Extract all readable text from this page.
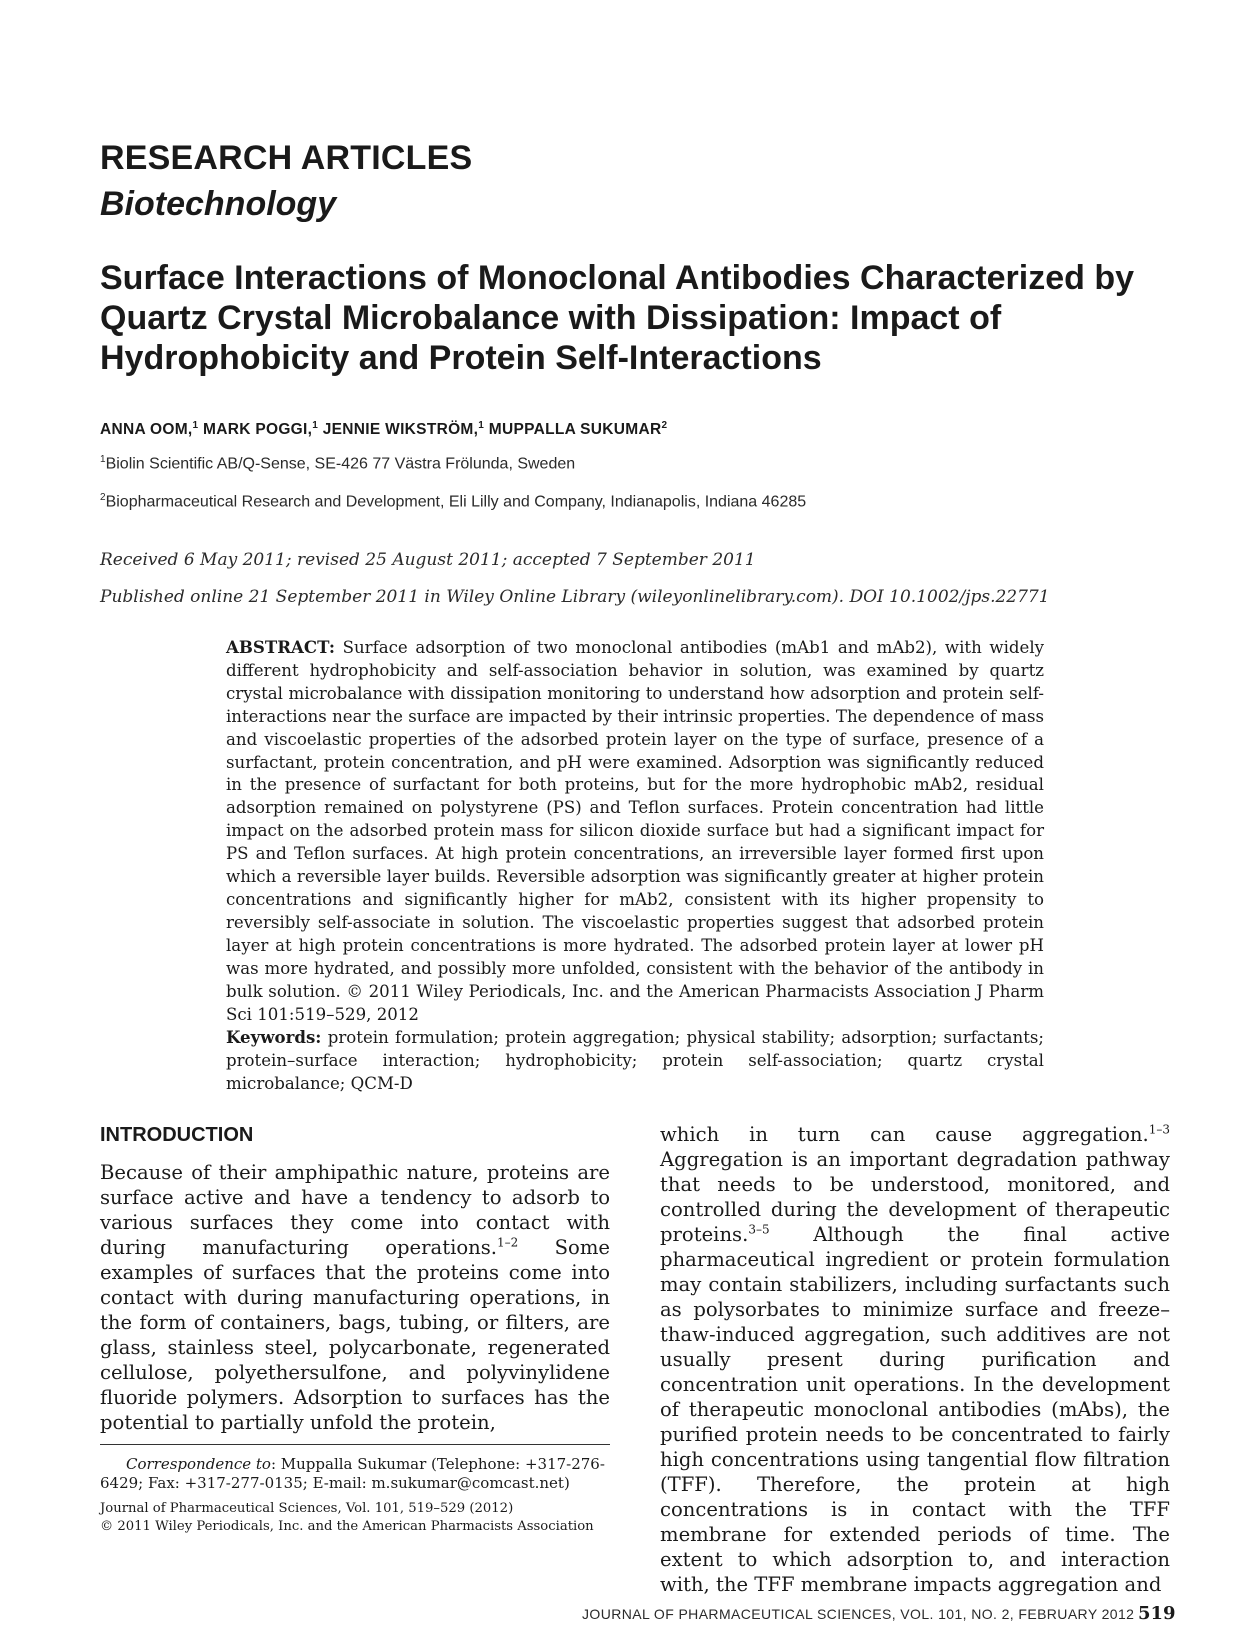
RESEARCH ARTICLES
Biotechnology
Surface Interactions of Monoclonal Antibodies Characterized by Quartz Crystal Microbalance with Dissipation: Impact of Hydrophobicity and Protein Self-Interactions
ANNA OOM,$^1$ MARK POGGI,$^1$ JENNIE WIKSTRÖM,$^1$ MUPPALLA SUKUMAR$^2$
$^1$Biolin Scientific AB/Q-Sense, SE-426 77 Västra Frölunda, Sweden
$^2$Biopharmaceutical Research and Development, Eli Lilly and Company, Indianapolis, Indiana 46285
Received 6 May 2011; revised 25 August 2011; accepted 7 September 2011
Published online 21 September 2011 in Wiley Online Library (wileyonlinelibrary.com). DOI 10.1002/jps.22771
ABSTRACT: Surface adsorption of two monoclonal antibodies (mAb1 and mAb2), with widely different hydrophobicity and self-association behavior in solution, was examined by quartz crystal microbalance with dissipation monitoring to understand how adsorption and protein self-interactions near the surface are impacted by their intrinsic properties. The dependence of mass and viscoelastic properties of the adsorbed protein layer on the type of surface, presence of a surfactant, protein concentration, and pH were examined. Adsorption was significantly reduced in the presence of surfactant for both proteins, but for the more hydrophobic mAb2, residual adsorption remained on polystyrene (PS) and Teflon surfaces. Protein concentration had little impact on the adsorbed protein mass for silicon dioxide surface but had a significant impact for PS and Teflon surfaces. At high protein concentrations, an irreversible layer formed first upon which a reversible layer builds. Reversible adsorption was significantly greater at higher protein concentrations and significantly higher for mAb2, consistent with its higher propensity to reversibly self-associate in solution. The viscoelastic properties suggest that adsorbed protein layer at high protein concentrations is more hydrated. The adsorbed protein layer at lower pH was more hydrated, and possibly more unfolded, consistent with the behavior of the antibody in bulk solution. © 2011 Wiley Periodicals, Inc. and the American Pharmacists Association J Pharm Sci 101:519–529, 2012
Keywords: protein formulation; protein aggregation; physical stability; adsorption; surfactants; protein–surface interaction; hydrophobicity; protein self-association; quartz crystal microbalance; QCM-D
INTRODUCTION
Because of their amphipathic nature, proteins are surface active and have a tendency to adsorb to various surfaces they come into contact with during manufacturing operations.$^{1-2}$ Some examples of surfaces that the proteins come into contact with during manufacturing operations, in the form of containers, bags, tubing, or filters, are glass, stainless steel, polycarbonate, regenerated cellulose, polyethersulfone, and polyvinylidene fluoride polymers. Adsorption to surfaces has the potential to partially unfold the protein,
which in turn can cause aggregation.$^{1-3}$ Aggregation is an important degradation pathway that needs to be understood, monitored, and controlled during the development of therapeutic proteins.$^{3-5}$ Although the final active pharmaceutical ingredient or protein formulation may contain stabilizers, including surfactants such as polysorbates to minimize surface and freeze–thaw-induced aggregation, such additives are not usually present during purification and concentration unit operations. In the development of therapeutic monoclonal antibodies (mAbs), the purified protein needs to be concentrated to fairly high concentrations using tangential flow filtration (TFF). Therefore, the protein at high concentrations is in contact with the TFF membrane for extended periods of time. The extent to which adsorption to, and interaction with, the TFF membrane impacts aggregation and
Correspondence to: Muppalla Sukumar (Telephone: +317-276-6429; Fax: +317-277-0135; E-mail: m.sukumar@comcast.net)
Journal of Pharmaceutical Sciences, Vol. 101, 519–529 (2012)
© 2011 Wiley Periodicals, Inc. and the American Pharmacists Association
JOURNAL OF PHARMACEUTICAL SCIENCES, VOL. 101, NO. 2, FEBRUARY 2012 519
